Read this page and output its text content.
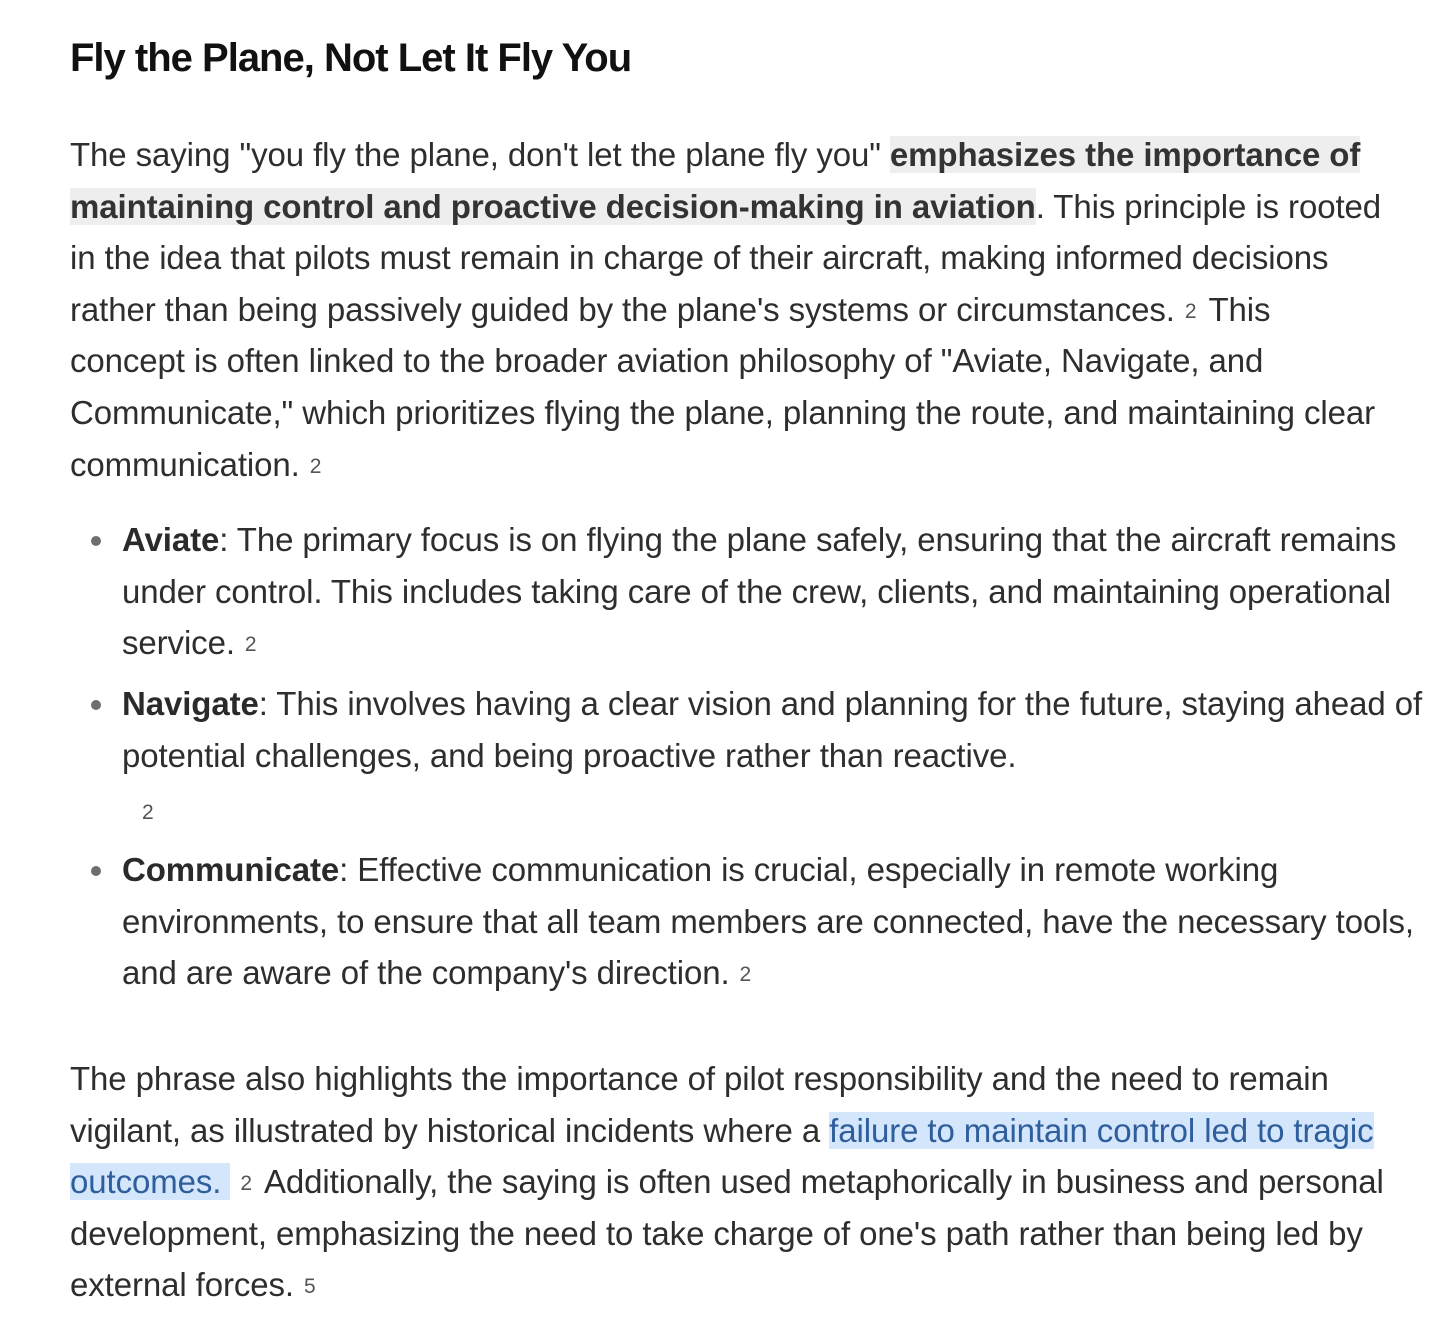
Fly the Plane, Not Let It Fly You

The saying "you fly the plane, don't let the plane fly you" emphasizes the importance of maintaining control and proactive decision-making in aviation. This principle is rooted in the idea that pilots must remain in charge of their aircraft, making informed decisions rather than being passively guided by the plane's systems or circumstances. 2 This concept is often linked to the broader aviation philosophy of "Aviate, Navigate, and Communicate," which prioritizes flying the plane, planning the route, and maintaining clear communication. 2

Aviate: The primary focus is on flying the plane safely, ensuring that the aircraft remains under control. This includes taking care of the crew, clients, and maintaining operational service. 2
Navigate: This involves having a clear vision and planning for the future, staying ahead of potential challenges, and being proactive rather than reactive.
2
Communicate: Effective communication is crucial, especially in remote working environments, to ensure that all team members are connected, have the necessary tools, and are aware of the company's direction. 2

The phrase also highlights the importance of pilot responsibility and the need to remain vigilant, as illustrated by historical incidents where a failure to maintain control led to tragic outcomes. 2 Additionally, the saying is often used metaphorically in business and personal development, emphasizing the need to take charge of one's path rather than being led by external forces. 5
